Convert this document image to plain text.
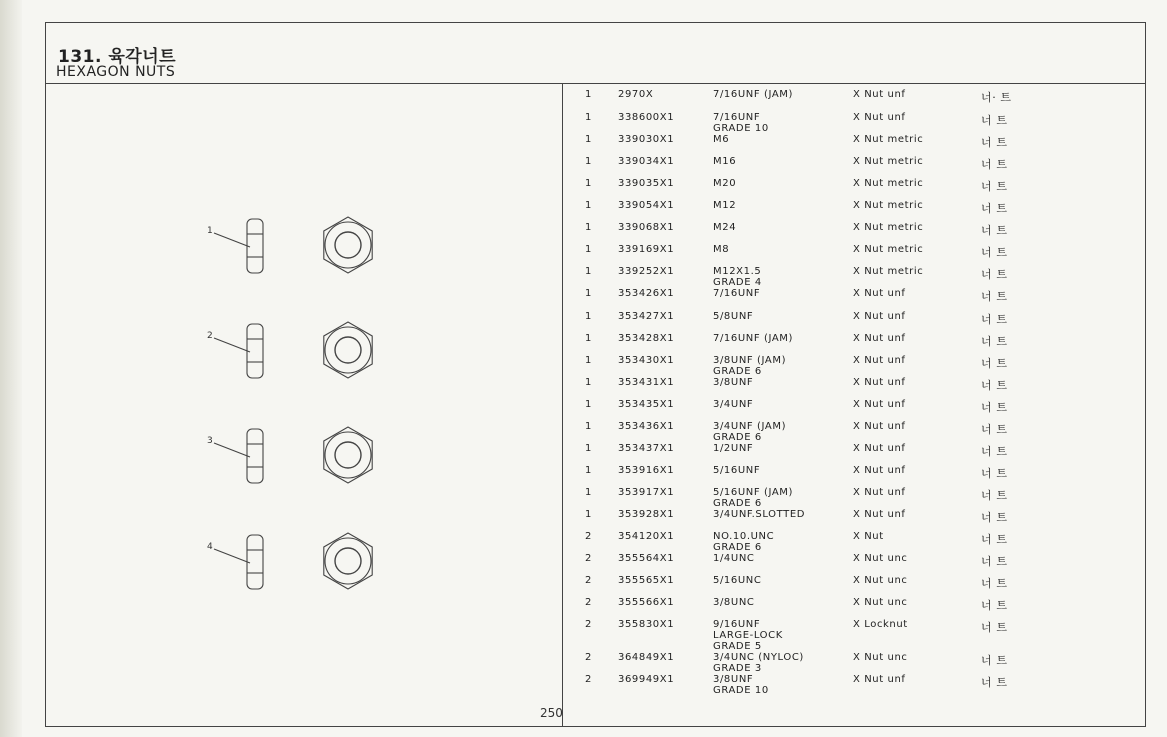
131. 육각너트
HEXAGON NUTS
1
2
3
4
250
1	2970X	7/16UNF (JAM)	X Nut unf	너· 트
1	338600X1	7/16UNF
GRADE 10
X Nut unf	너 트
1	339030X1	M6	X Nut metric	너 트
1	339034X1	M16	X Nut metric	너 트
1	339035X1	M20	X Nut metric	너 트
1	339054X1	M12	X Nut metric	너 트
1	339068X1	M24	X Nut metric	너 트
1	339169X1	M8	X Nut metric	너 트
1	339252X1	M12X1.5
GRADE 4
X Nut metric	너 트
1	353426X1	7/16UNF	X Nut unf	너 트
1	353427X1	5/8UNF	X Nut unf	너 트
1	353428X1	7/16UNF (JAM)	X Nut unf	너 트
1	353430X1	3/8UNF (JAM)
GRADE 6
X Nut unf	너 트
1	353431X1	3/8UNF	X Nut unf	너 트
1	353435X1	3/4UNF	X Nut unf	너 트
1	353436X1	3/4UNF (JAM)
GRADE 6
X Nut unf	너 트
1	353437X1	1/2UNF	X Nut unf	너 트
1	353916X1	5/16UNF	X Nut unf	너 트
1	353917X1	5/16UNF (JAM)
GRADE 6
X Nut unf	너 트
1	353928X1	3/4UNF.SLOTTED	X Nut unf	너 트
2	354120X1	NO.10.UNC
GRADE 6
X Nut	너 트
2	355564X1	1/4UNC	X Nut unc	너 트
2	355565X1	5/16UNC	X Nut unc	너 트
2	355566X1	3/8UNC	X Nut unc	너 트
2	355830X1	9/16UNF
LARGE-LOCK
GRADE 5
X Locknut	너 트
2	364849X1	3/4UNC (NYLOC)
GRADE 3
X Nut unc	너 트
2	369949X1	3/8UNF
GRADE 10
X Nut unf	너 트
